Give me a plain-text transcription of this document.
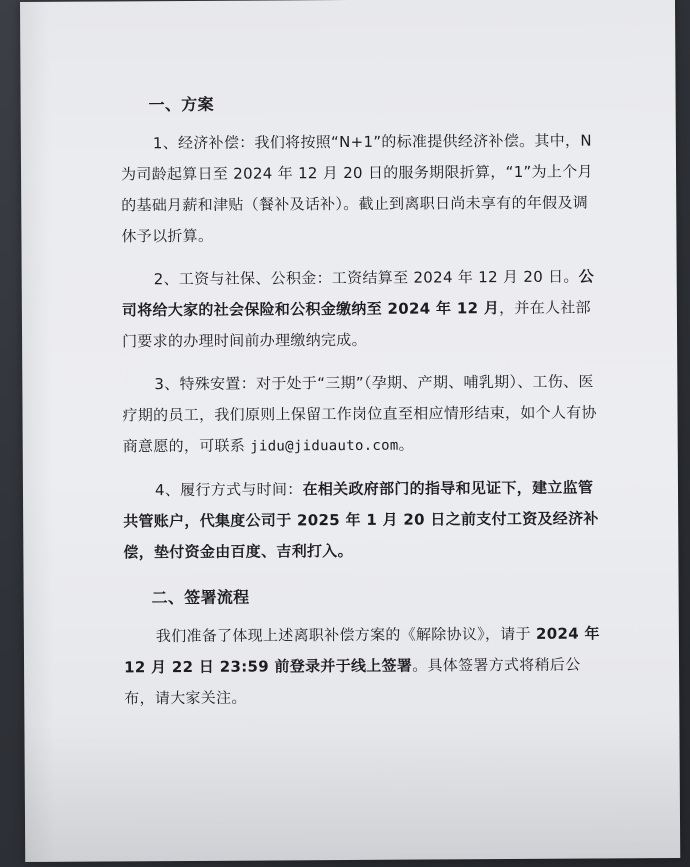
一、方案

1、经济补偿：我们将按照“N+1”的标准提供经济补偿。其中，N为司龄起算日至 2024 年 12 月 20 日的服务期限折算，“1”为上个月的基础月薪和津贴（餐补及话补）。截止到离职日尚未享有的年假及调休予以折算。

2、工资与社保、公积金：工资结算至 2024 年 12 月 20 日。公司将给大家的社会保险和公积金缴纳至 2024 年 12 月，并在人社部门要求的办理时间前办理缴纳完成。

3、特殊安置：对于处于“三期”（孕期、产期、哺乳期）、工伤、医疗期的员工，我们原则上保留工作岗位直至相应情形结束，如个人有协商意愿的，可联系 jidu@jiduauto.com。

4、履行方式与时间：在相关政府部门的指导和见证下，建立监管共管账户，代集度公司于 2025 年 1 月 20 日之前支付工资及经济补偿，垫付资金由百度、吉利打入。

二、签署流程

我们准备了体现上述离职补偿方案的《解除协议》，请于 2024 年 12 月 22 日 23:59 前登录并于线上签署。具体签署方式将稍后公布，请大家关注。
